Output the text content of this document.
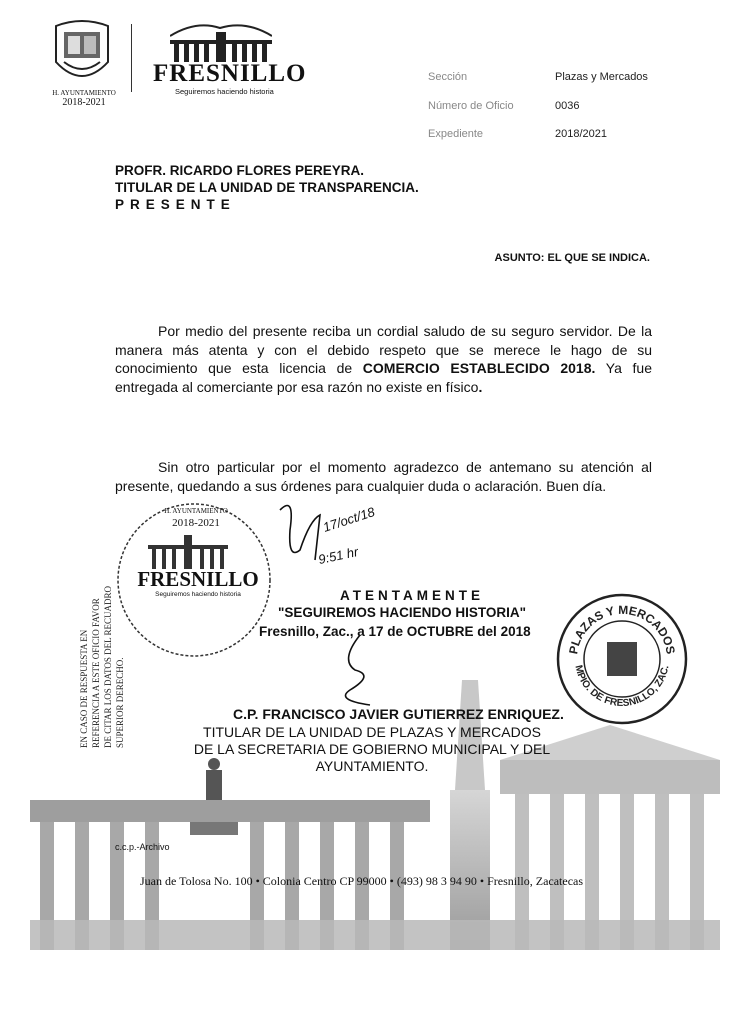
H. AYUNTAMIENTO
2018-2021
FRESNILLO
Seguiremos haciendo historia
Sección	Plazas y Mercados
Número de Oficio	0036
Expediente	2018/2021
PROFR. RICARDO FLORES PEREYRA.
TITULAR DE LA UNIDAD DE TRANSPARENCIA.
PRESENTE
ASUNTO: EL QUE SE INDICA.
Por medio del presente reciba un cordial saludo de su seguro servidor. De la manera más atenta y con el debido respeto que se merece le hago de su conocimiento que esta licencia de COMERCIO ESTABLECIDO 2018. Ya fue entregada al comerciante por esa razón no existe en físico.
Sin otro particular por el momento agradezco de antemano su atención al presente, quedando a sus órdenes para cualquier duda o aclaración. Buen día.
H. AYUNTAMIENTO
2018-2021
FRESNILLO
Seguiremos haciendo historia
EN CASO DE RESPUESTA EN REFERENCIA A ESTE OFICIO FAVOR DE CITAR LOS DATOS DEL RECUADRO SUPERIOR DERECHO.
17/oct/18
9:51 hr
ATENTAMENTE
"SEGUIREMOS HACIENDO HISTORIA"
Fresnillo, Zac., a 17 de OCTUBRE del 2018
PLAZAS Y MERCADOS
MPIO. DE FRESNILLO, ZAC.
C.P. FRANCISCO JAVIER GUTIERREZ ENRIQUEZ.
TITULAR DE LA UNIDAD DE PLAZAS Y MERCADOS
DE LA SECRETARIA DE GOBIERNO MUNICIPAL Y DEL
AYUNTAMIENTO.
c.c.p.-Archivo
Juan de Tolosa No. 100 • Colonia Centro CP 99000 • (493) 98 3 94 90 • Fresnillo, Zacatecas
